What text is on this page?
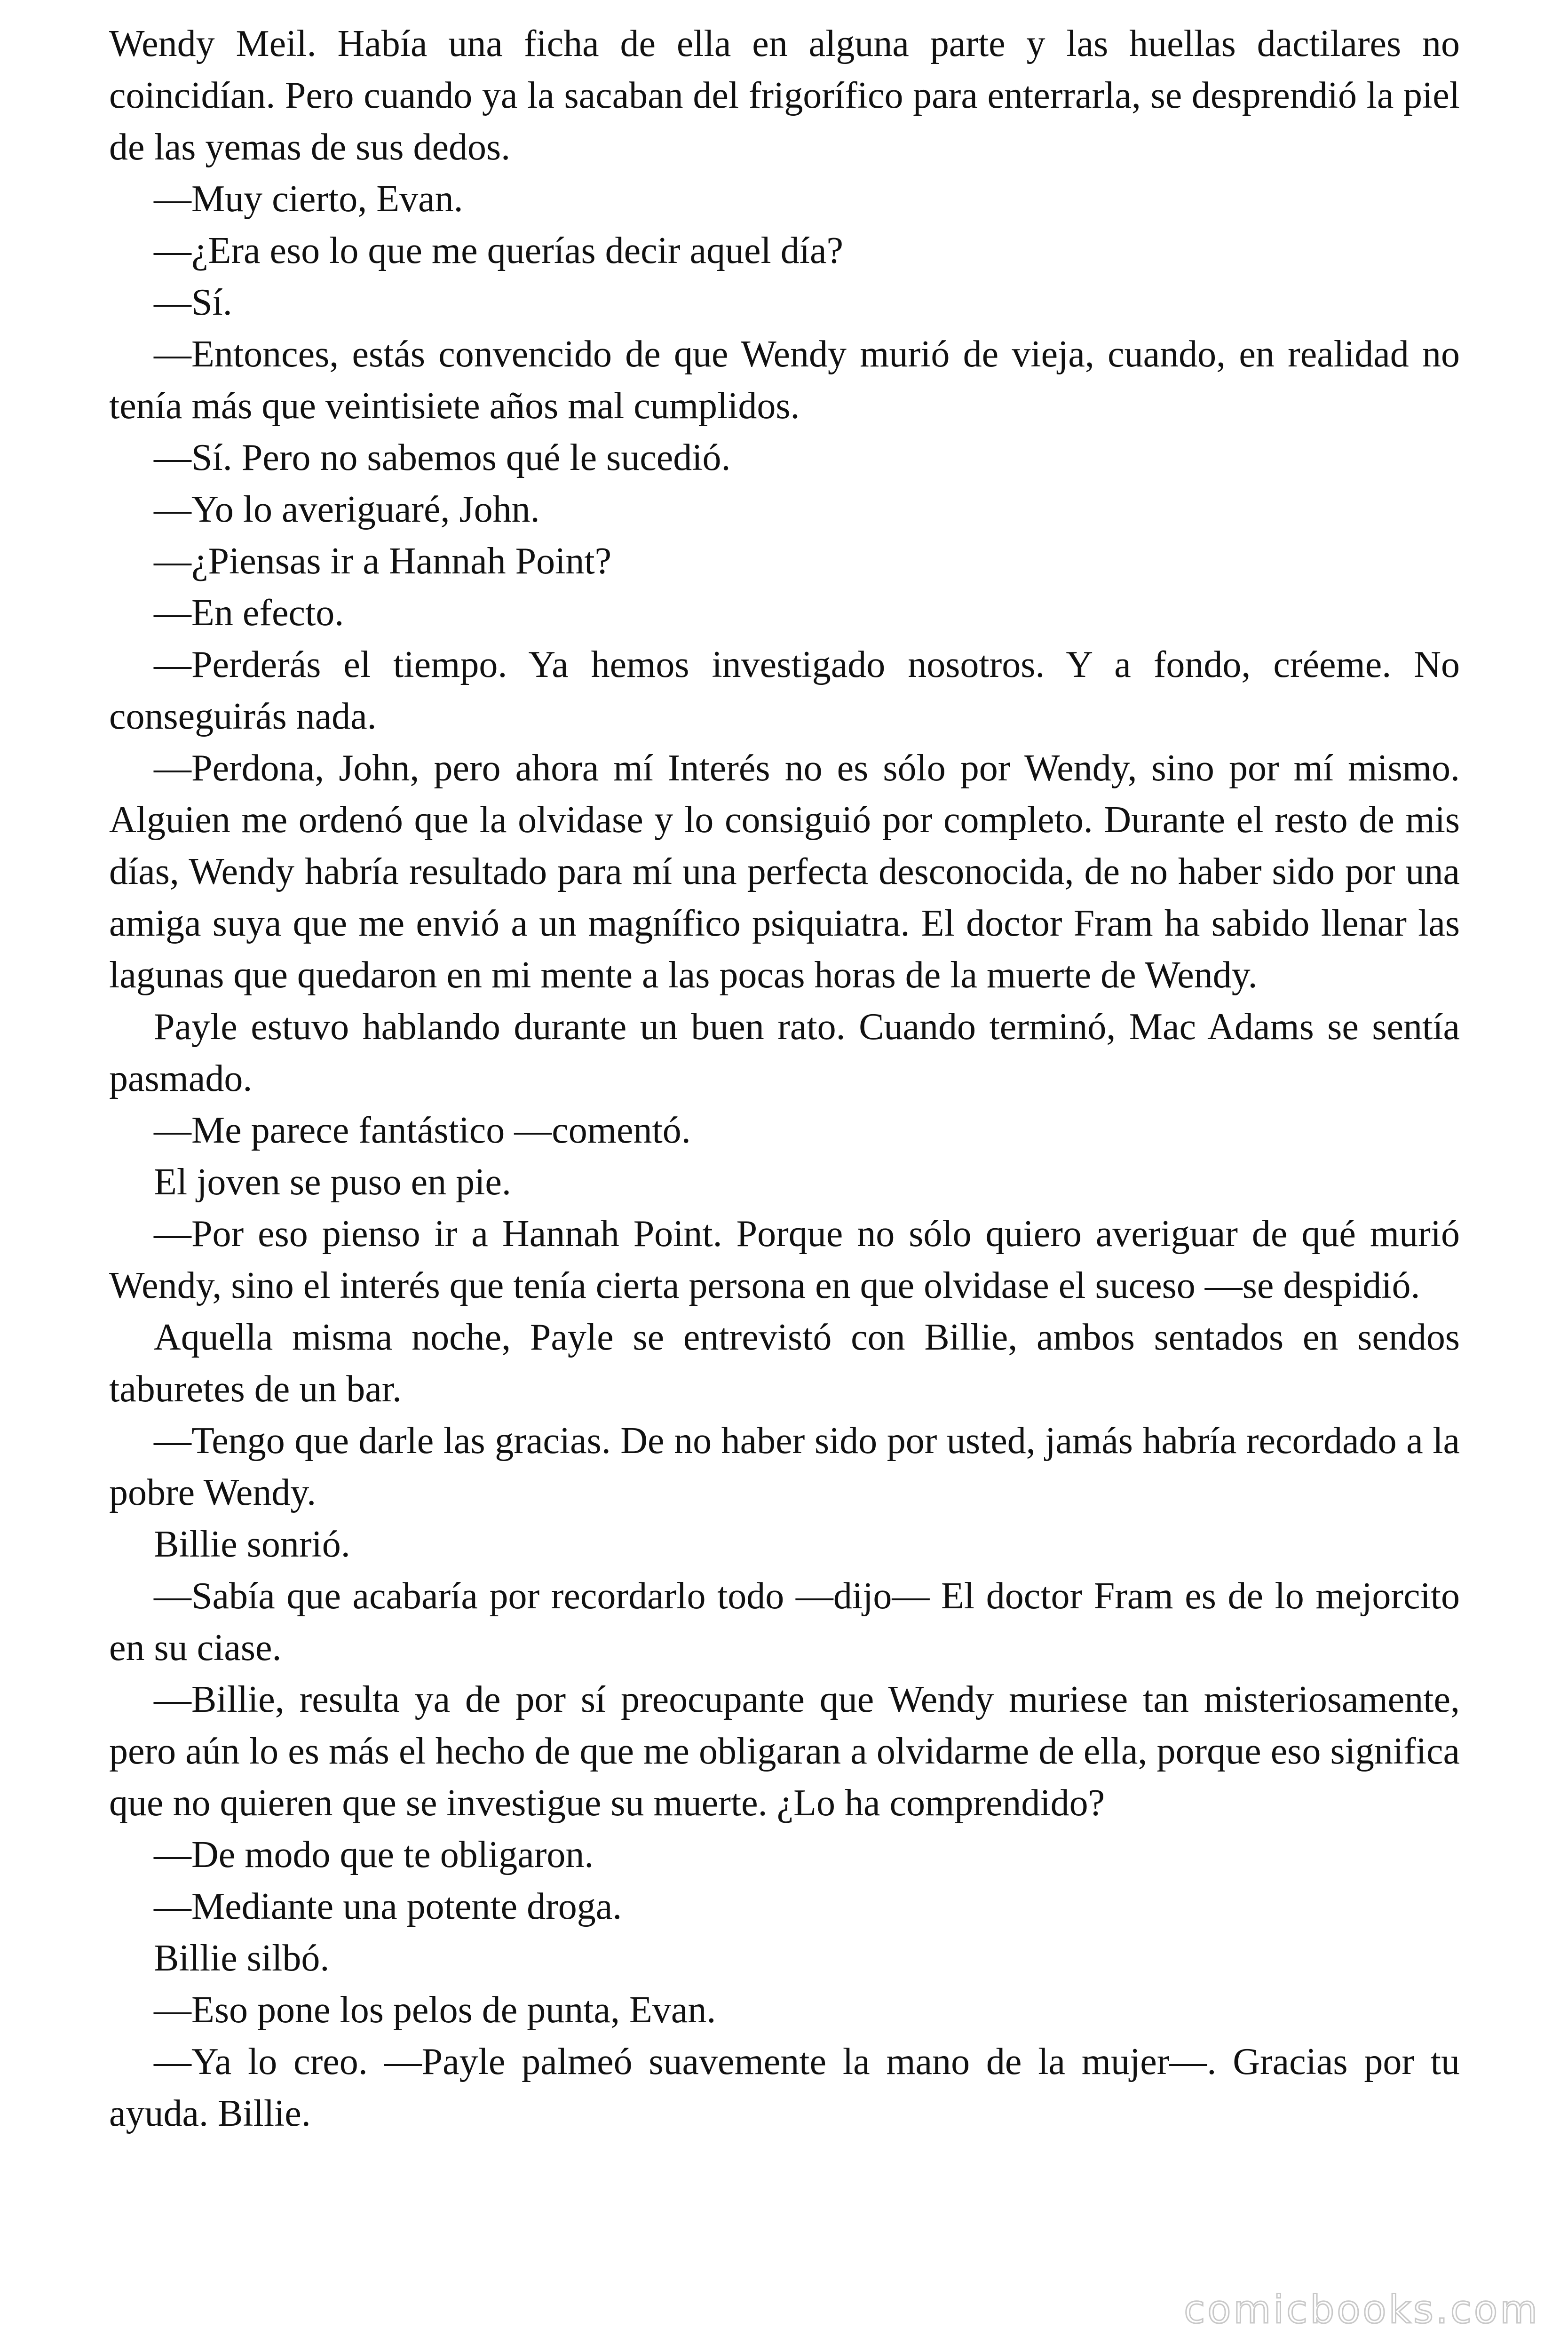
Wendy Meil. Había una ficha de ella en alguna parte y las huellas dactilares no coincidían. Pero cuando ya la sacaban del frigorífico para enterrarla, se desprendió la piel de las yemas de sus dedos.

—Muy cierto, Evan.

—¿Era eso lo que me querías decir aquel día?

—Sí.

—Entonces, estás convencido de que Wendy murió de vieja, cuando, en realidad no tenía más que veintisiete años mal cumplidos.

—Sí. Pero no sabemos qué le sucedió.

—Yo lo averiguaré, John.

—¿Piensas ir a Hannah Point?

—En efecto.

—Perderás el tiempo. Ya hemos investigado nosotros. Y a fondo, créeme. No conseguirás nada.

—Perdona, John, pero ahora mí Interés no es sólo por Wendy, sino por mí mismo. Alguien me ordenó que la olvidase y lo consiguió por completo. Durante el resto de mis días, Wendy habría resultado para mí una perfecta desconocida, de no haber sido por una amiga suya que me envió a un magnífico psiquiatra. El doctor Fram ha sabido llenar las lagunas que quedaron en mi mente a las pocas horas de la muerte de Wendy.

Payle estuvo hablando durante un buen rato. Cuando terminó, Mac Adams se sentía pasmado.

—Me parece fantástico —comentó.

El joven se puso en pie.

—Por eso pienso ir a Hannah Point. Porque no sólo quiero averiguar de qué murió Wendy, sino el interés que tenía cierta persona en que olvidase el suceso —se despidió.

Aquella misma noche, Payle se entrevistó con Billie, ambos sentados en sendos taburetes de un bar.

—Tengo que darle las gracias. De no haber sido por usted, jamás habría recordado a la pobre Wendy.

Billie sonrió.

—Sabía que acabaría por recordarlo todo —dijo— El doctor Fram es de lo mejorcito en su ciase.

—Billie, resulta ya de por sí preocupante que Wendy muriese tan misteriosamente, pero aún lo es más el hecho de que me obligaran a olvidarme de ella, porque eso significa que no quieren que se investigue su muerte. ¿Lo ha comprendido?

—De modo que te obligaron.

—Mediante una potente droga.

Billie silbó.

—Eso pone los pelos de punta, Evan.

—Ya lo creo. —Payle palmeó suavemente la mano de la mujer—. Gracias por tu ayuda. Billie.

comicbooks.com
